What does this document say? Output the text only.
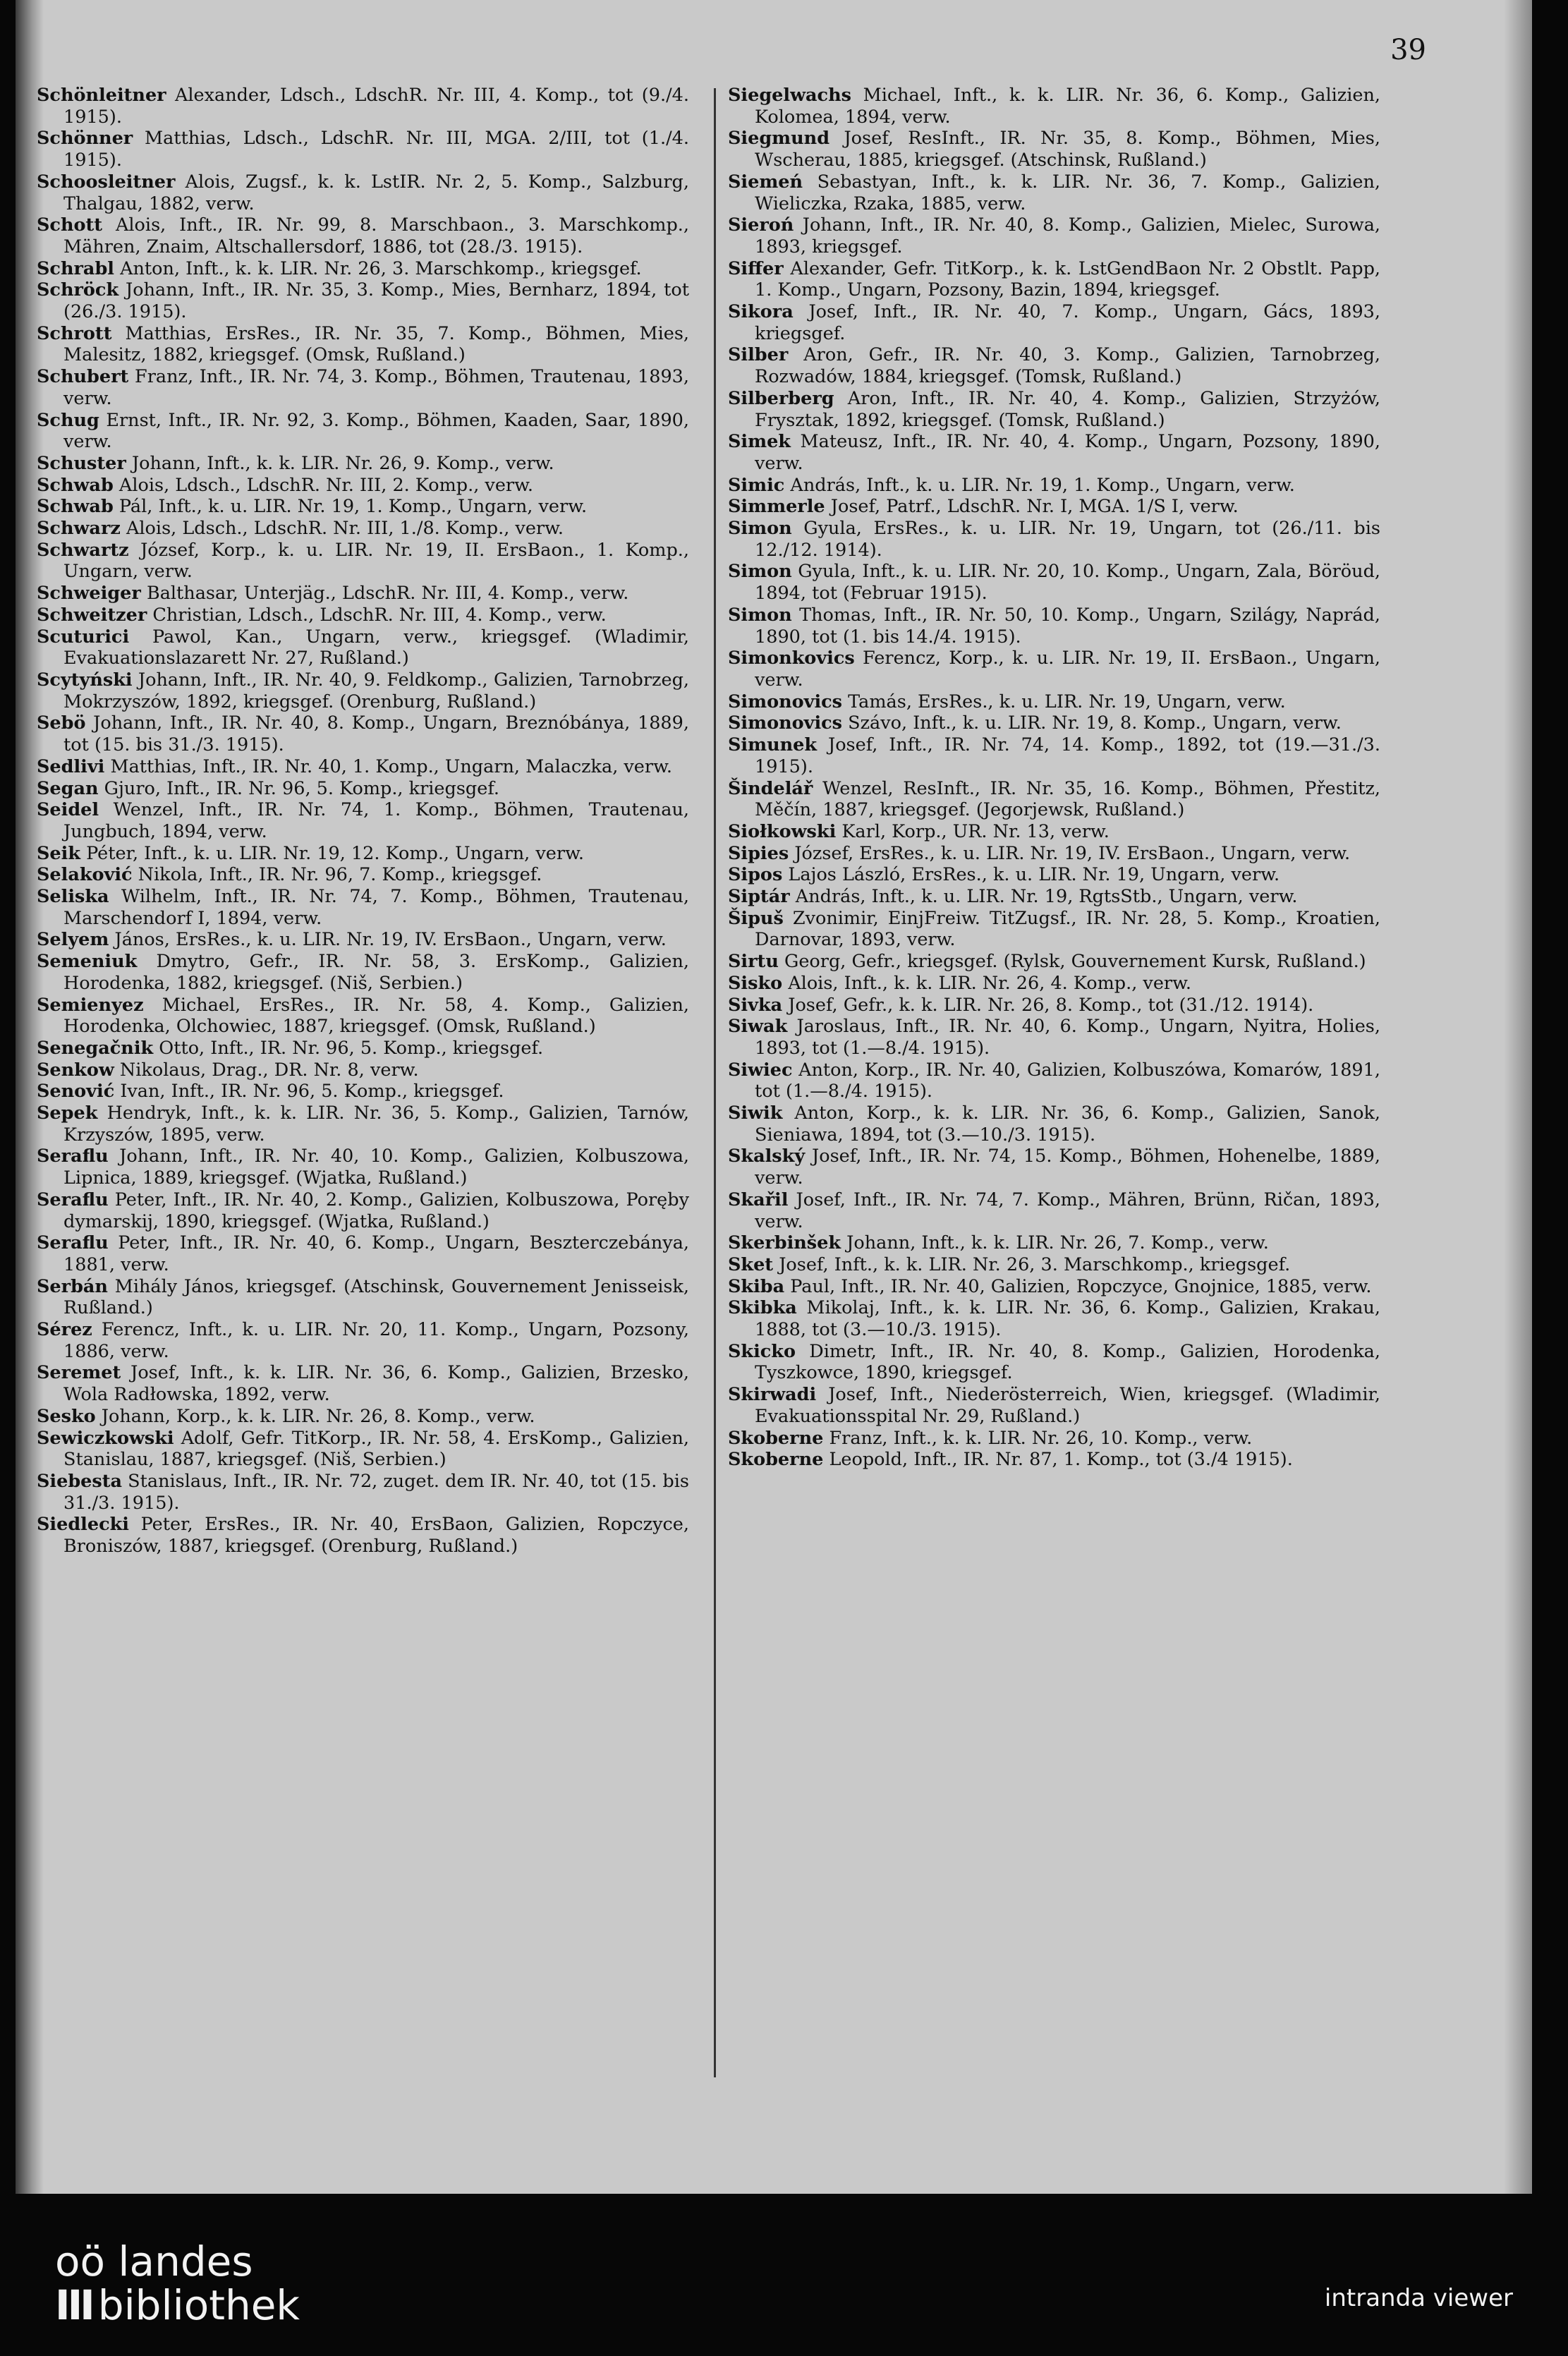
39

Schönleitner Alexander, Ldsch., LdschR. Nr. III, 4. Komp., tot (9./4. 1915).

Schönner Matthias, Ldsch., LdschR. Nr. III, MGA. 2/III, tot (1./4. 1915).

Schoosleitner Alois, Zugsf., k. k. LstIR. Nr. 2, 5. Komp., Salzburg, Thalgau, 1882, verw.

Schott Alois, Inft., IR. Nr. 99, 8. Marschbaon., 3. Marschkomp., Mähren, Znaim, Altschallersdorf, 1886, tot (28./3. 1915).

Schrabl Anton, Inft., k. k. LIR. Nr. 26, 3. Marschkomp., kriegsgef.

Schröck Johann, Inft., IR. Nr. 35, 3. Komp., Mies, Bernharz, 1894, tot (26./3. 1915).

Schrott Matthias, ErsRes., IR. Nr. 35, 7. Komp., Böhmen, Mies, Malesitz, 1882, kriegsgef. (Omsk, Rußland.)

Schubert Franz, Inft., IR. Nr. 74, 3. Komp., Böhmen, Trautenau, 1893, verw.

Schug Ernst, Inft., IR. Nr. 92, 3. Komp., Böhmen, Kaaden, Saar, 1890, verw.

Schuster Johann, Inft., k. k. LIR. Nr. 26, 9. Komp., verw.

Schwab Alois, Ldsch., LdschR. Nr. III, 2. Komp., verw.

Schwab Pál, Inft., k. u. LIR. Nr. 19, 1. Komp., Ungarn, verw.

Schwarz Alois, Ldsch., LdschR. Nr. III, 1./8. Komp., verw.

Schwartz József, Korp., k. u. LIR. Nr. 19, II. ErsBaon., 1. Komp., Ungarn, verw.

Schweiger Balthasar, Unterjäg., LdschR. Nr. III, 4. Komp., verw.

Schweitzer Christian, Ldsch., LdschR. Nr. III, 4. Komp., verw.

Scuturici Pawol, Kan., Ungarn, verw., kriegsgef. (Wladimir, Evakuationslazarett Nr. 27, Rußland.)

Scytyński Johann, Inft., IR. Nr. 40, 9. Feldkomp., Galizien, Tarnobrzeg, Mokrzyszów, 1892, kriegsgef. (Orenburg, Rußland.)

Sebö Johann, Inft., IR. Nr. 40, 8. Komp., Ungarn, Breznóbánya, 1889, tot (15. bis 31./3. 1915).

Sedlivi Matthias, Inft., IR. Nr. 40, 1. Komp., Ungarn, Malaczka, verw.

Segan Gjuro, Inft., IR. Nr. 96, 5. Komp., kriegsgef.

Seidel Wenzel, Inft., IR. Nr. 74, 1. Komp., Böhmen, Trautenau, Jungbuch, 1894, verw.

Seik Péter, Inft., k. u. LIR. Nr. 19, 12. Komp., Ungarn, verw.

Selaković Nikola, Inft., IR. Nr. 96, 7. Komp., kriegsgef.

Seliska Wilhelm, Inft., IR. Nr. 74, 7. Komp., Böhmen, Trautenau, Marschendorf I, 1894, verw.

Selyem János, ErsRes., k. u. LIR. Nr. 19, IV. ErsBaon., Ungarn, verw.

Semeniuk Dmytro, Gefr., IR. Nr. 58, 3. ErsKomp., Galizien, Horodenka, 1882, kriegsgef. (Niš, Serbien.)

Semienyez Michael, ErsRes., IR. Nr. 58, 4. Komp., Galizien, Horodenka, Olchowiec, 1887, kriegsgef. (Omsk, Rußland.)

Senegačnik Otto, Inft., IR. Nr. 96, 5. Komp., kriegsgef.

Senkow Nikolaus, Drag., DR. Nr. 8, verw.

Senović Ivan, Inft., IR. Nr. 96, 5. Komp., kriegsgef.

Sepek Hendryk, Inft., k. k. LIR. Nr. 36, 5. Komp., Galizien, Tarnów, Krzyszów, 1895, verw.

Seraflu Johann, Inft., IR. Nr. 40, 10. Komp., Galizien, Kolbuszowa, Lipnica, 1889, kriegsgef. (Wjatka, Rußland.)

Seraflu Peter, Inft., IR. Nr. 40, 2. Komp., Galizien, Kolbuszowa, Poręby dymarskij, 1890, kriegsgef. (Wjatka, Rußland.)

Seraflu Peter, Inft., IR. Nr. 40, 6. Komp., Ungarn, Beszterczebánya, 1881, verw.

Serbán Mihály János, kriegsgef. (Atschinsk, Gouvernement Jenisseisk, Rußland.)

Sérez Ferencz, Inft., k. u. LIR. Nr. 20, 11. Komp., Ungarn, Pozsony, 1886, verw.

Seremet Josef, Inft., k. k. LIR. Nr. 36, 6. Komp., Galizien, Brzesko, Wola Radłowska, 1892, verw.

Sesko Johann, Korp., k. k. LIR. Nr. 26, 8. Komp., verw.

Sewiczkowski Adolf, Gefr. TitKorp., IR. Nr. 58, 4. ErsKomp., Galizien, Stanislau, 1887, kriegsgef. (Niš, Serbien.)

Siebesta Stanislaus, Inft., IR. Nr. 72, zuget. dem IR. Nr. 40, tot (15. bis 31./3. 1915).

Siedlecki Peter, ErsRes., IR. Nr. 40, ErsBaon, Galizien, Ropczyce, Broniszów, 1887, kriegsgef. (Orenburg, Rußland.)

Siegelwachs Michael, Inft., k. k. LIR. Nr. 36, 6. Komp., Galizien, Kolomea, 1894, verw.

Siegmund Josef, ResInft., IR. Nr. 35, 8. Komp., Böhmen, Mies, Wscherau, 1885, kriegsgef. (Atschinsk, Rußland.)

Siemeń Sebastyan, Inft., k. k. LIR. Nr. 36, 7. Komp., Galizien, Wieliczka, Rzaka, 1885, verw.

Sieroń Johann, Inft., IR. Nr. 40, 8. Komp., Galizien, Mielec, Surowa, 1893, kriegsgef.

Siffer Alexander, Gefr. TitKorp., k. k. LstGendBaon Nr. 2 Obstlt. Papp, 1. Komp., Ungarn, Pozsony, Bazin, 1894, kriegsgef.

Sikora Josef, Inft., IR. Nr. 40, 7. Komp., Ungarn, Gács, 1893, kriegsgef.

Silber Aron, Gefr., IR. Nr. 40, 3. Komp., Galizien, Tarnobrzeg, Rozwadów, 1884, kriegsgef. (Tomsk, Rußland.)

Silberberg Aron, Inft., IR. Nr. 40, 4. Komp., Galizien, Strzyżów, Frysztak, 1892, kriegsgef. (Tomsk, Rußland.)

Simek Mateusz, Inft., IR. Nr. 40, 4. Komp., Ungarn, Pozsony, 1890, verw.

Simic András, Inft., k. u. LIR. Nr. 19, 1. Komp., Ungarn, verw.

Simmerle Josef, Patrf., LdschR. Nr. I, MGA. 1/S I, verw.

Simon Gyula, ErsRes., k. u. LIR. Nr. 19, Ungarn, tot (26./11. bis 12./12. 1914).

Simon Gyula, Inft., k. u. LIR. Nr. 20, 10. Komp., Ungarn, Zala, Böröud, 1894, tot (Februar 1915).

Simon Thomas, Inft., IR. Nr. 50, 10. Komp., Ungarn, Szilágy, Naprád, 1890, tot (1. bis 14./4. 1915).

Simonkovics Ferencz, Korp., k. u. LIR. Nr. 19, II. ErsBaon., Ungarn, verw.

Simonovics Tamás, ErsRes., k. u. LIR. Nr. 19, Ungarn, verw.

Simonovics Szávo, Inft., k. u. LIR. Nr. 19, 8. Komp., Ungarn, verw.

Simunek Josef, Inft., IR. Nr. 74, 14. Komp., 1892, tot (19.—31./3. 1915).

Šindelář Wenzel, ResInft., IR. Nr. 35, 16. Komp., Böhmen, Přestitz, Měčín, 1887, kriegsgef. (Jegorjewsk, Rußland.)

Siołkowski Karl, Korp., UR. Nr. 13, verw.

Sipies József, ErsRes., k. u. LIR. Nr. 19, IV. ErsBaon., Ungarn, verw.

Sipos Lajos László, ErsRes., k. u. LIR. Nr. 19, Ungarn, verw.

Siptár András, Inft., k. u. LIR. Nr. 19, RgtsStb., Ungarn, verw.

Šipuš Zvonimir, EinjFreiw. TitZugsf., IR. Nr. 28, 5. Komp., Kroatien, Darnovar, 1893, verw.

Sirtu Georg, Gefr., kriegsgef. (Rylsk, Gouvernement Kursk, Rußland.)

Sisko Alois, Inft., k. k. LIR. Nr. 26, 4. Komp., verw.

Sivka Josef, Gefr., k. k. LIR. Nr. 26, 8. Komp., tot (31./12. 1914).

Siwak Jaroslaus, Inft., IR. Nr. 40, 6. Komp., Ungarn, Nyitra, Holies, 1893, tot (1.—8./4. 1915).

Siwiec Anton, Korp., IR. Nr. 40, Galizien, Kolbuszówa, Komarów, 1891, tot (1.—8./4. 1915).

Siwik Anton, Korp., k. k. LIR. Nr. 36, 6. Komp., Galizien, Sanok, Sieniawa, 1894, tot (3.—10./3. 1915).

Skalský Josef, Inft., IR. Nr. 74, 15. Komp., Böhmen, Hohenelbe, 1889, verw.

Skařil Josef, Inft., IR. Nr. 74, 7. Komp., Mähren, Brünn, Ričan, 1893, verw.

Skerbinšek Johann, Inft., k. k. LIR. Nr. 26, 7. Komp., verw.

Sket Josef, Inft., k. k. LIR. Nr. 26, 3. Marschkomp., kriegsgef.

Skiba Paul, Inft., IR. Nr. 40, Galizien, Ropczyce, Gnojnice, 1885, verw.

Skibka Mikolaj, Inft., k. k. LIR. Nr. 36, 6. Komp., Galizien, Krakau, 1888, tot (3.—10./3. 1915).

Skicko Dimetr, Inft., IR. Nr. 40, 8. Komp., Galizien, Horodenka, Tyszkowce, 1890, kriegsgef.

Skirwadi Josef, Inft., Niederösterreich, Wien, kriegsgef. (Wladimir, Evakuationsspital Nr. 29, Rußland.)

Skoberne Franz, Inft., k. k. LIR. Nr. 26, 10. Komp., verw.

Skoberne Leopold, Inft., IR. Nr. 87, 1. Komp., tot (3./4 1915).

oö landes
III bibliothek	intranda viewer
